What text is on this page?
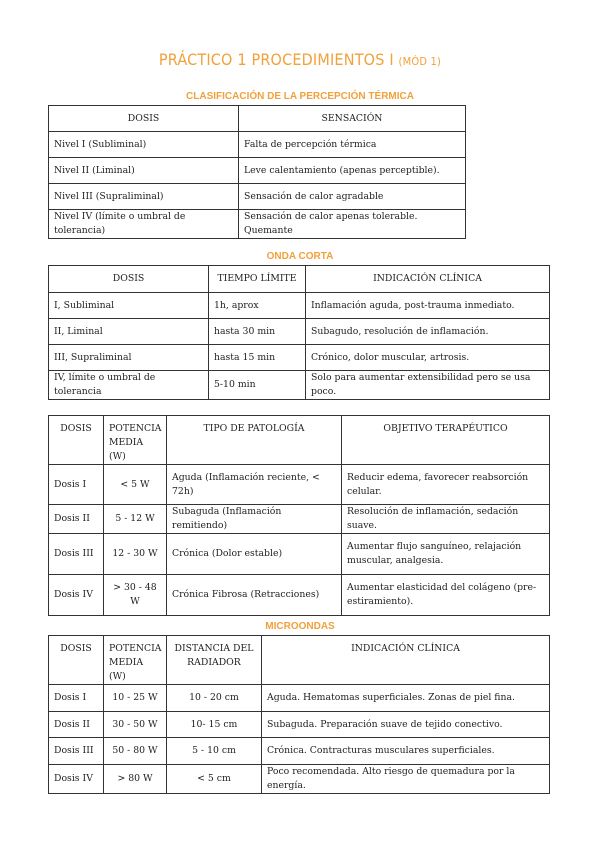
PRÁCTICO 1 PROCEDIMIENTOS I (MÓD 1)
CLASIFICACIÓN DE LA PERCEPCIÓN TÉRMICA
DOSIS	SENSACIÓN
Nivel I (Subliminal)	Falta de percepción térmica
Nivel II (Liminal)	Leve calentamiento (apenas perceptible).
Nivel III (Supraliminal)	Sensación de calor agradable
Nivel IV (límite o umbral de tolerancia)	Sensación de calor apenas tolerable. Quemante
ONDA CORTA
DOSIS	TIEMPO LÍMITE	INDICACIÓN CLÍNICA
I, Subliminal	1h, aprox	Inflamación aguda, post-trauma inmediato.
II, Liminal	hasta 30 min	Subagudo, resolución de inflamación.
III, Supraliminal	hasta 15 min	Crónico, dolor muscular, artrosis.
IV, límite o umbral de tolerancia	5-10 min	Solo para aumentar extensibilidad pero se usa poco.
DOSIS	POTENCIA MEDIA (W)	TIPO DE PATOLOGÍA	OBJETIVO TERAPÉUTICO
Dosis I	< 5 W	Aguda (Inflamación reciente, < 72h)	Reducir edema, favorecer reabsorción celular.
Dosis II	5 - 12 W	Subaguda (Inflamación remitiendo)	Resolución de inflamación, sedación suave.
Dosis III	12 - 30 W	Crónica (Dolor estable)	Aumentar flujo sanguíneo, relajación muscular, analgesia.
Dosis IV	> 30 - 48 W	Crónica Fibrosa (Retracciones)	Aumentar elasticidad del colágeno (pre-estiramiento).
MICROONDAS
DOSIS	POTENCIA MEDIA (W)	DISTANCIA DEL RADIADOR	INDICACIÓN CLÍNICA
Dosis I	10 - 25 W	10 - 20 cm	Aguda. Hematomas superficiales. Zonas de piel fina.
Dosis II	30 - 50 W	10- 15 cm	Subaguda. Preparación suave de tejido conectivo.
Dosis III	50 - 80 W	5 - 10 cm	Crónica. Contracturas musculares superficiales.
Dosis IV	> 80 W	< 5 cm	Poco recomendada. Alto riesgo de quemadura por la energía.
